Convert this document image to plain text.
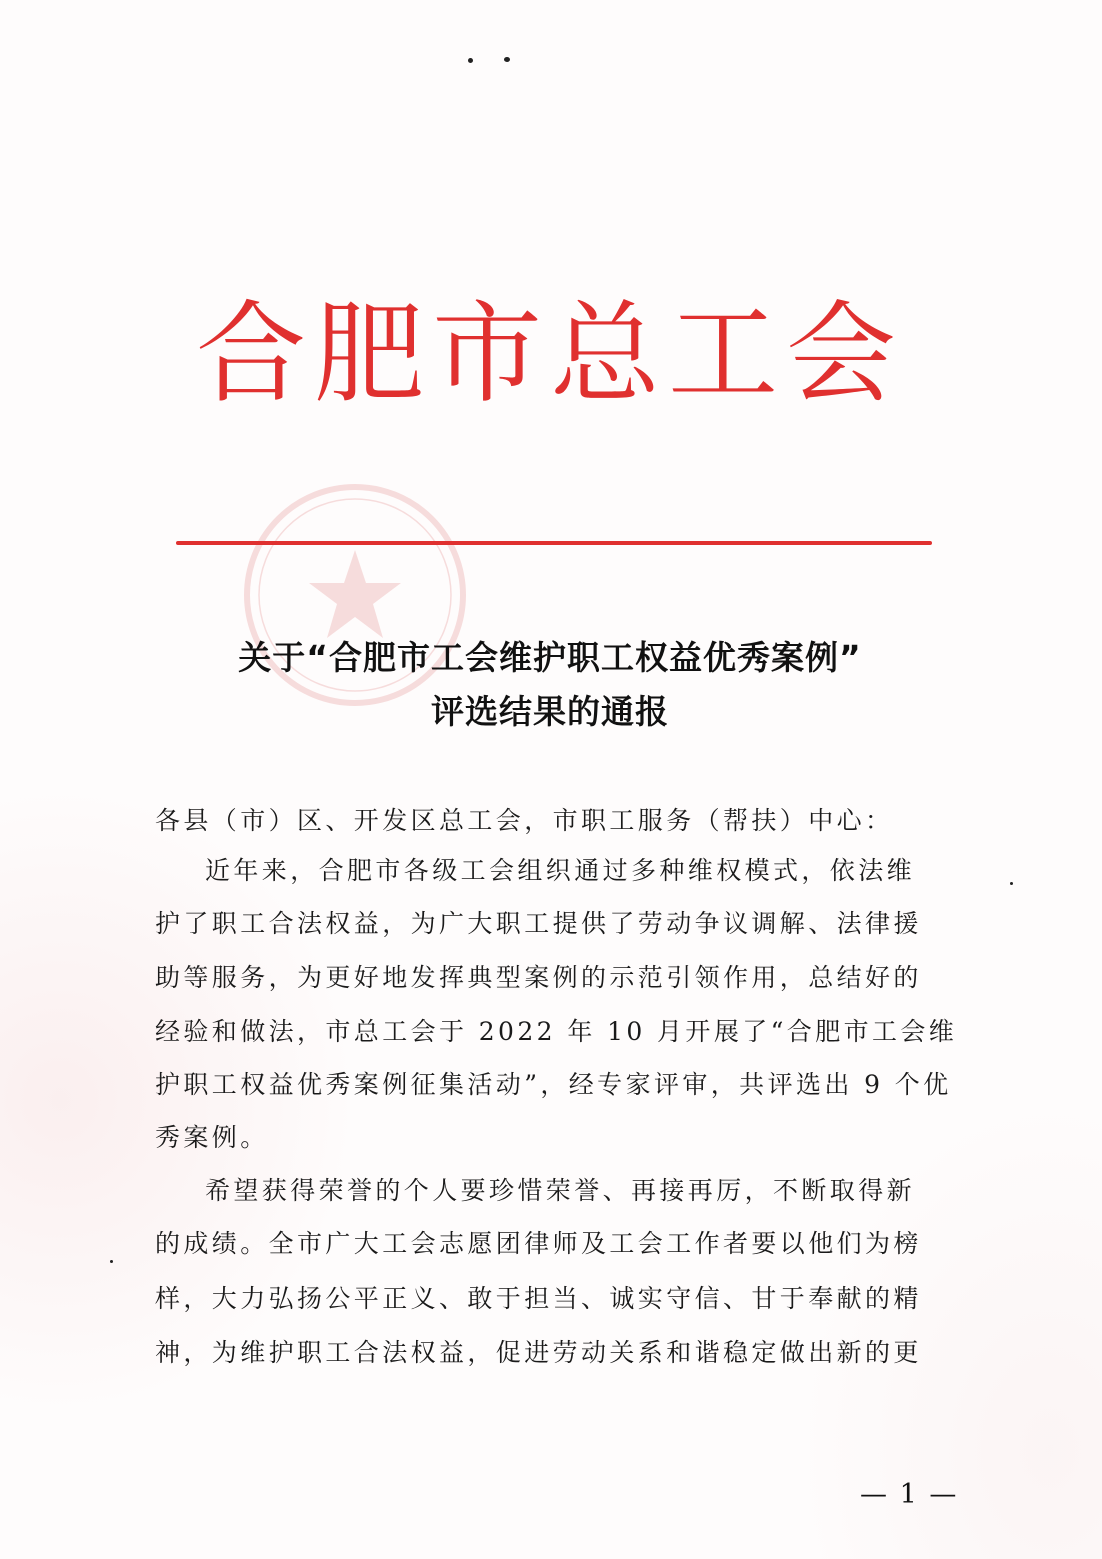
合肥市总工会
关于“合肥市工会维护职工权益优秀案例”
评选结果的通报
各县（市）区、开发区总工会，市职工服务（帮扶）中心：
近年来，合肥市各级工会组织通过多种维权模式，依法维
护了职工合法权益，为广大职工提供了劳动争议调解、法律援
助等服务，为更好地发挥典型案例的示范引领作用，总结好的
经验和做法，市总工会于 2022 年 10 月开展了“合肥市工会维
护职工权益优秀案例征集活动”，经专家评审，共评选出 9 个优
秀案例。
希望获得荣誉的个人要珍惜荣誉、再接再厉，不断取得新
的成绩。全市广大工会志愿团律师及工会工作者要以他们为榜
样，大力弘扬公平正义、敢于担当、诚实守信、甘于奉献的精
神，为维护职工合法权益，促进劳动关系和谐稳定做出新的更
— 1 —
